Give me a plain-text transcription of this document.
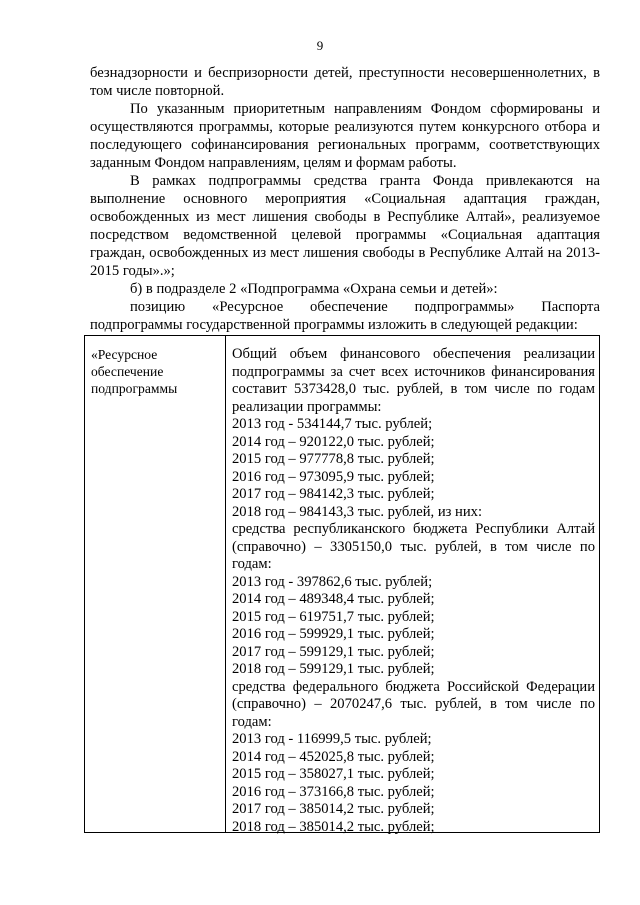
9

безнадзорности и беспризорности детей, преступности несовершеннолетних, в том числе повторной.

По указанным приоритетным направлениям Фондом сформированы и осуществляются программы, которые реализуются путем конкурсного отбора и последующего софинансирования региональных программ, соответствующих заданным Фондом направлениям, целям и формам работы.

В рамках подпрограммы средства гранта Фонда привлекаются на выполнение основного мероприятия «Социальная адаптация граждан, освобожденных из мест лишения свободы в Республике Алтай», реализуемое посредством ведомственной целевой программы «Социальная адаптация граждан, освобожденных из мест лишения свободы в Республике Алтай на 2013-2015 годы».»;

б) в подразделе 2 «Подпрограмма «Охрана семьи и детей»:

позицию «Ресурсное обеспечение подпрограммы» Паспорта подпрограммы государственной программы изложить в следующей редакции:

«Ресурсное обеспечение подпрограммы
Общий объем финансового обеспечения реализации подпрограммы за счет всех источников финансирования составит 5373428,0 тыс. рублей, в том числе по годам реализации программы:
2013 год - 534144,7 тыс. рублей;
2014 год – 920122,0 тыс. рублей;
2015 год – 977778,8 тыс. рублей;
2016 год – 973095,9 тыс. рублей;
2017 год – 984142,3 тыс. рублей;
2018 год – 984143,3 тыс. рублей, из них:
средства республиканского бюджета Республики Алтай (справочно) – 3305150,0 тыс. рублей, в том числе по годам:
2013 год - 397862,6 тыс. рублей;
2014 год – 489348,4 тыс. рублей;
2015 год – 619751,7 тыс. рублей;
2016 год – 599929,1 тыс. рублей;
2017 год – 599129,1 тыс. рублей;
2018 год – 599129,1 тыс. рублей;
средства федерального бюджета Российской Федерации (справочно) – 2070247,6 тыс. рублей, в том числе по годам:
2013 год - 116999,5 тыс. рублей;
2014 год – 452025,8 тыс. рублей;
2015 год – 358027,1 тыс. рублей;
2016 год – 373166,8 тыс. рублей;
2017 год – 385014,2 тыс. рублей;
2018 год – 385014,2 тыс. рублей;
